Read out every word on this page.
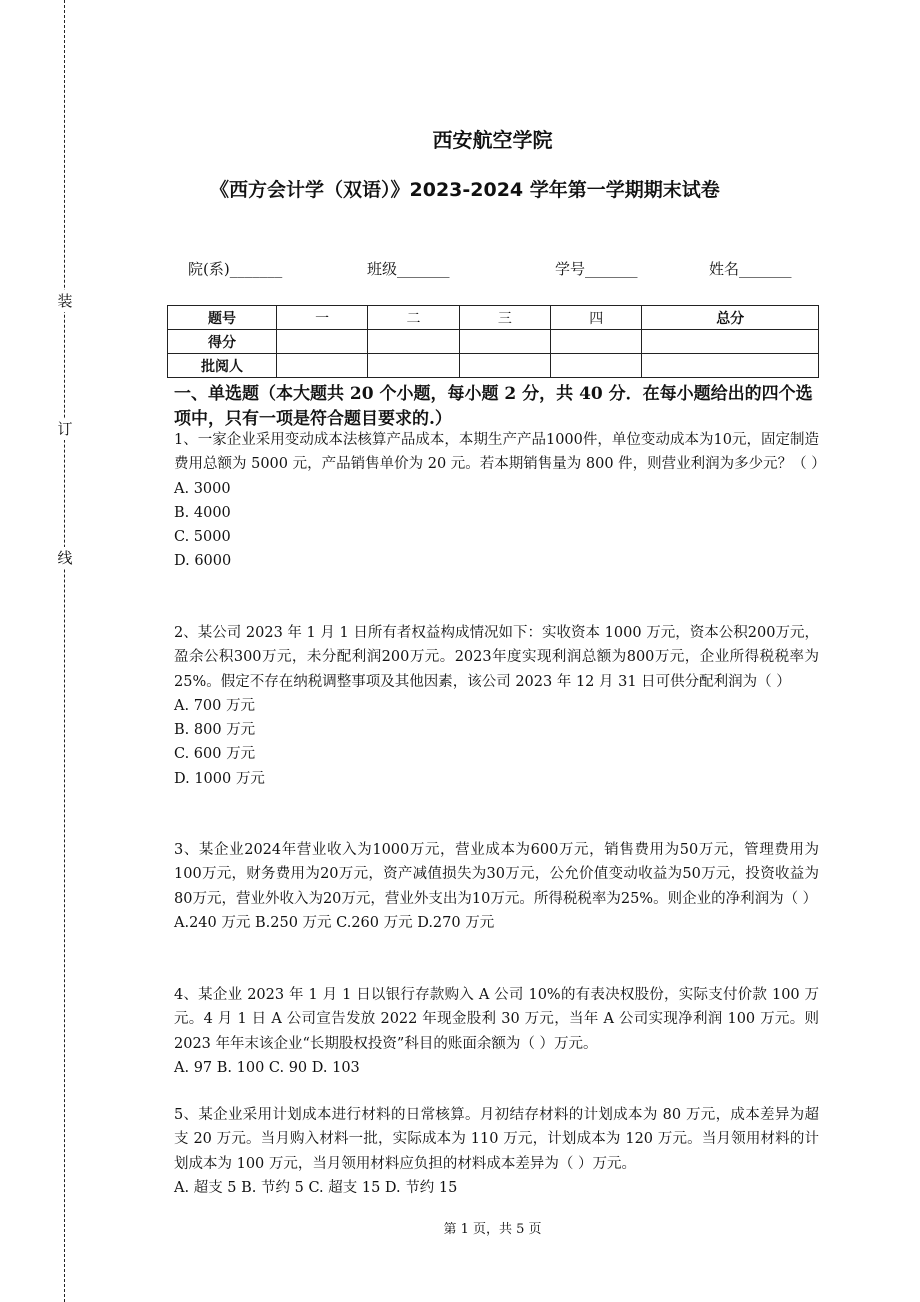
装
订
线
西安航空学院
《西方会计学（双语）》2023-2024 学年第一学期期末试卷
院(系)_______	班级_______	学号_______	姓名_______
题号	一	二	三	四	总分
得分					
批阅人					
一、单选题（本大题共 20 个小题，每小题 2 分，共 40 分．在每小题给出的四个选项中，只有一项是符合题目要求的.）
1、一家企业采用变动成本法核算产品成本，本期生产产品1000件，单位变动成本为10元，固定制造费用总额为 5000 元，产品销售单价为 20 元。若本期销售量为 800 件，则营业利润为多少元？（ ）
A. 3000
B. 4000
C. 5000
D. 6000
2、某公司 2023 年 1 月 1 日所有者权益构成情况如下：实收资本 1000 万元，资本公积200万元，盈余公积300万元，未分配利润200万元。2023年度实现利润总额为800万元，企业所得税税率为 25%。假定不存在纳税调整事项及其他因素，该公司 2023 年 12 月 31 日可供分配利润为（ ）
A. 700 万元
B. 800 万元
C. 600 万元
D. 1000 万元
3、某企业2024年营业收入为1000万元，营业成本为600万元，销售费用为50万元，管理费用为100万元，财务费用为20万元，资产减值损失为30万元，公允价值变动收益为50万元，投资收益为80万元，营业外收入为20万元，营业外支出为10万元。所得税税率为25%。则企业的净利润为（ ）
A.240 万元 B.250 万元 C.260 万元 D.270 万元
4、某企业 2023 年 1 月 1 日以银行存款购入 A 公司 10%的有表决权股份，实际支付价款 100 万元。4 月 1 日 A 公司宣告发放 2022 年现金股利 30 万元，当年 A 公司实现净利润 100 万元。则 2023 年年末该企业“长期股权投资”科目的账面余额为（ ）万元。
A. 97 B. 100 C. 90 D. 103
5、某企业采用计划成本进行材料的日常核算。月初结存材料的计划成本为 80 万元，成本差异为超支 20 万元。当月购入材料一批，实际成本为 110 万元，计划成本为 120 万元。当月领用材料的计划成本为 100 万元，当月领用材料应负担的材料成本差异为（ ）万元。
A. 超支 5 B. 节约 5 C. 超支 15 D. 节约 15
第 1 页，共 5 页
